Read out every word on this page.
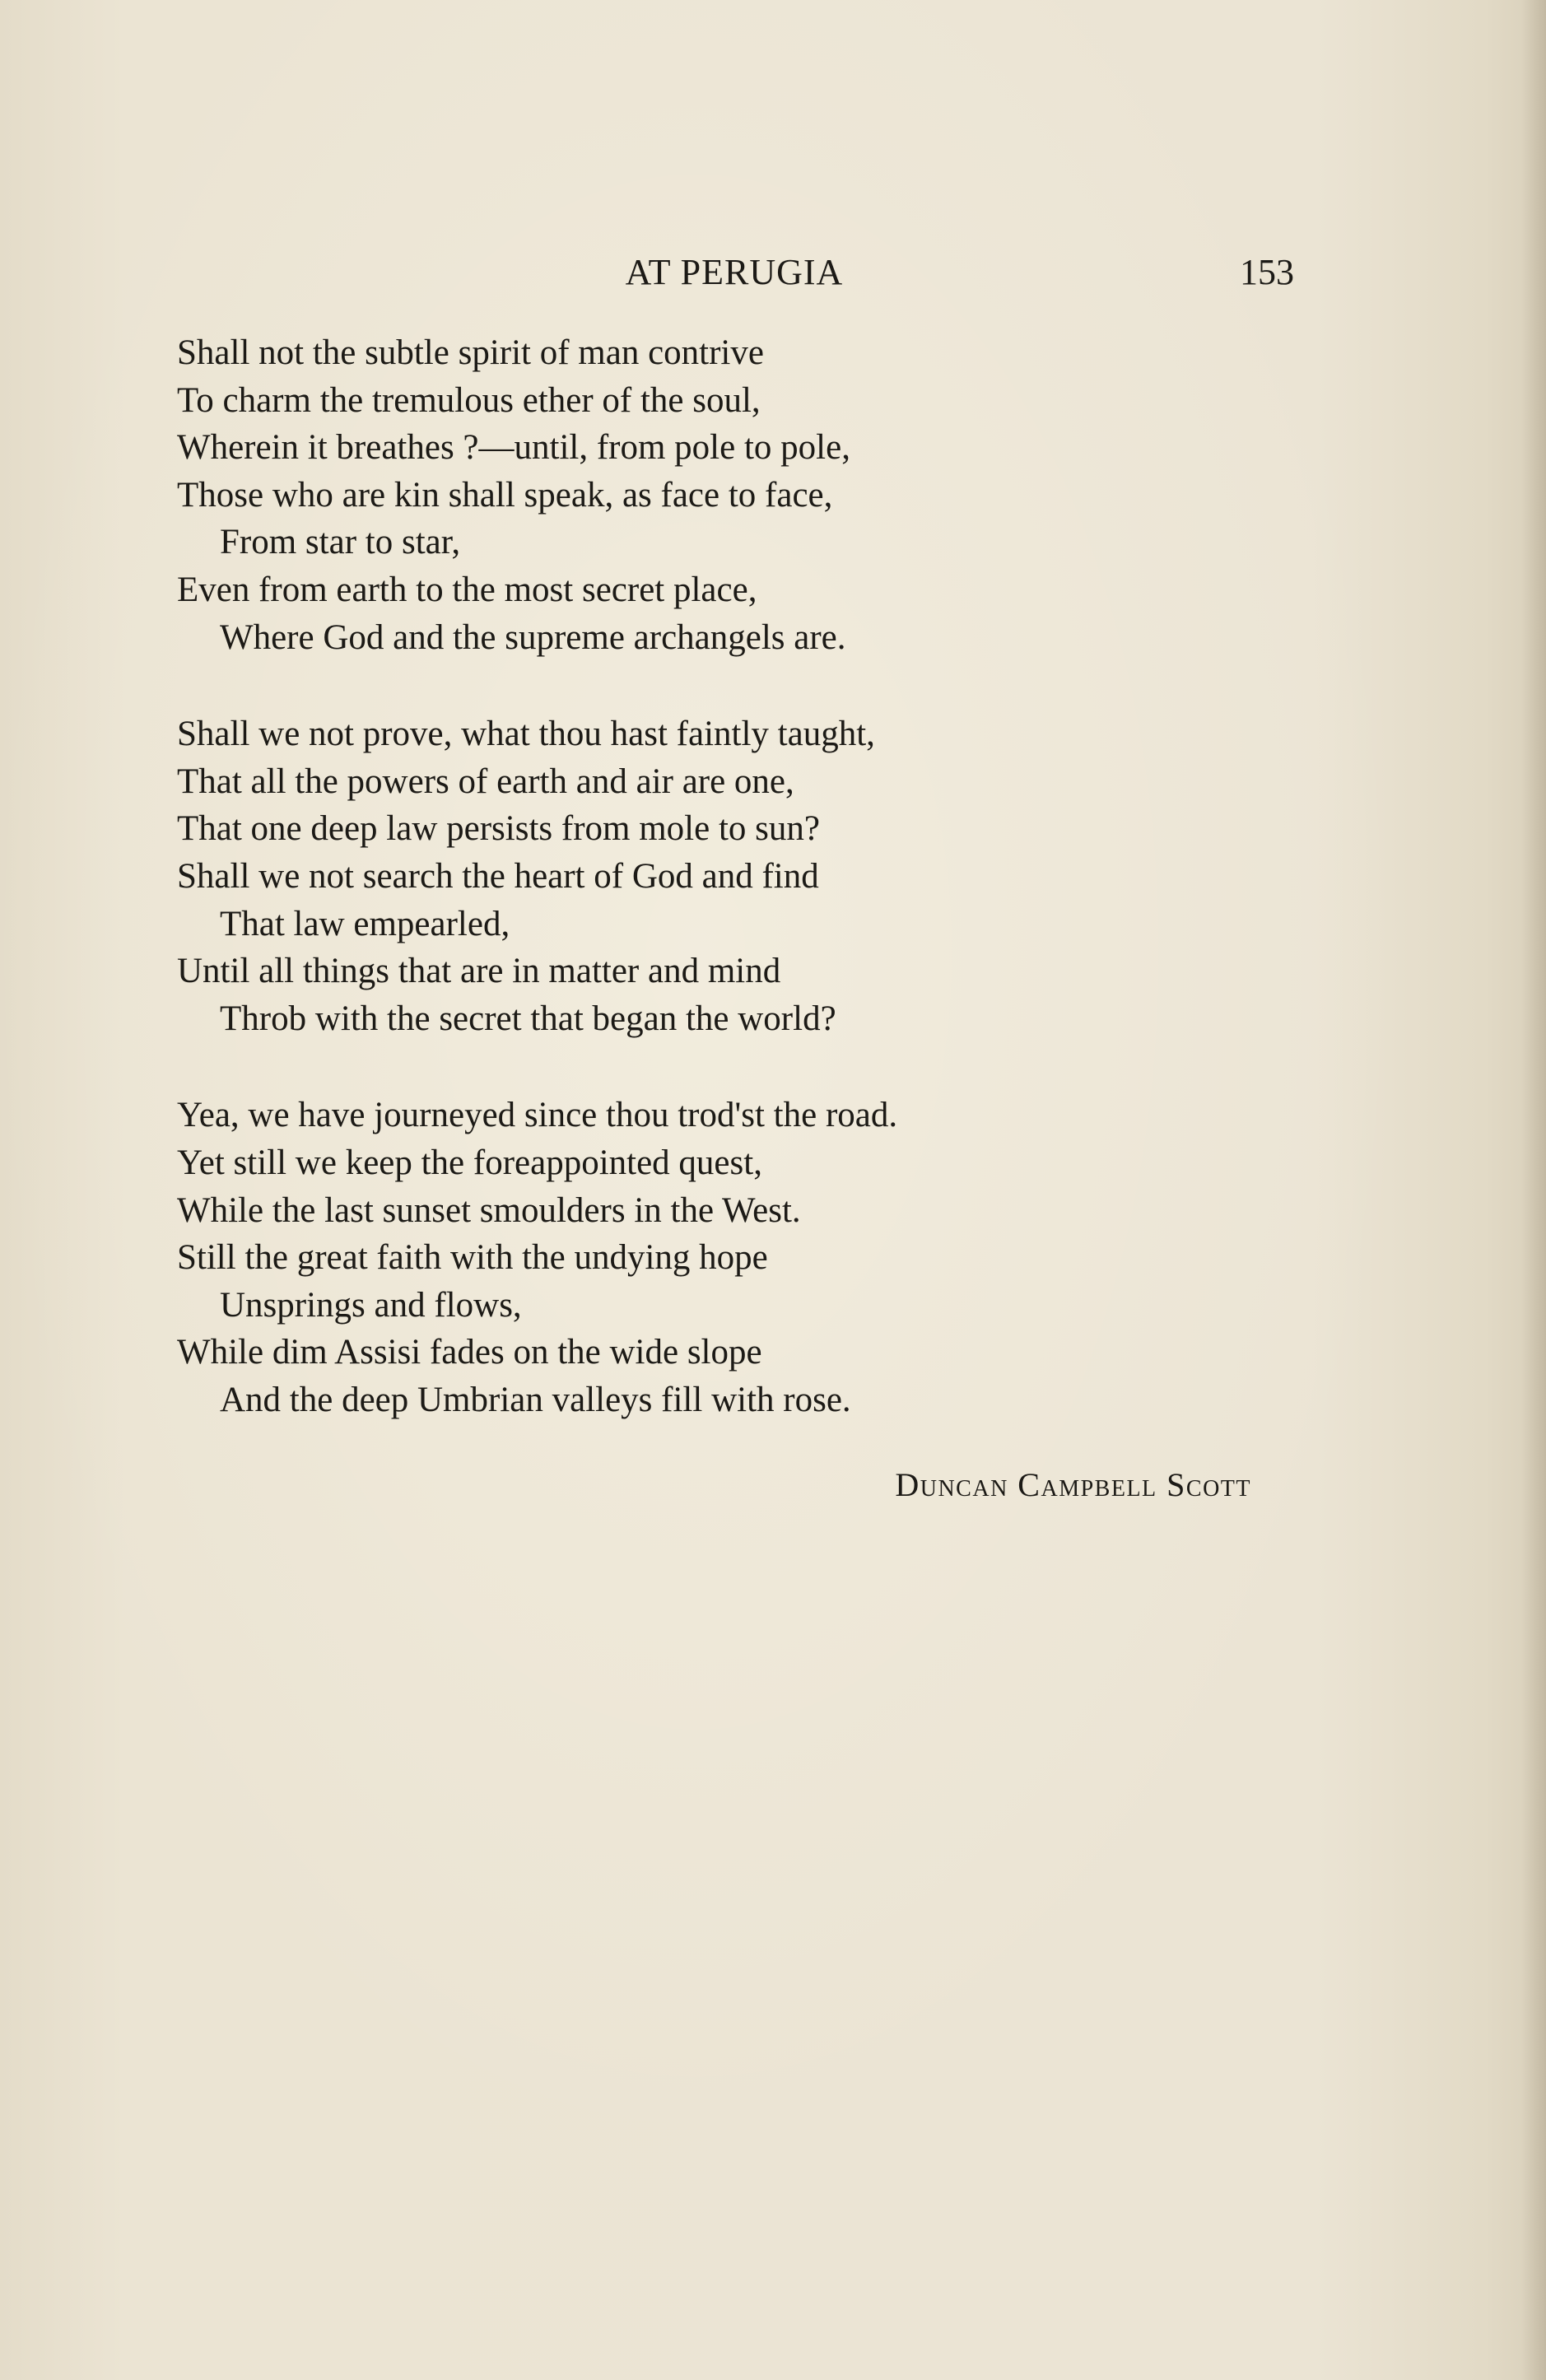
AT PERUGIA	153
Shall not the subtle spirit of man contrive
To charm the tremulous ether of the soul,
Wherein it breathes ?—until, from pole to pole,
Those who are kin shall speak, as face to face,
From star to star,
Even from earth to the most secret place,
Where God and the supreme archangels are.
Shall we not prove, what thou hast faintly taught,
That all the powers of earth and air are one,
That one deep law persists from mole to sun?
Shall we not search the heart of God and find
That law empearled,
Until all things that are in matter and mind
Throb with the secret that began the world?
Yea, we have journeyed since thou trod'st the road.
Yet still we keep the foreappointed quest,
While the last sunset smoulders in the West.
Still the great faith with the undying hope
Unsprings and flows,
While dim Assisi fades on the wide slope
And the deep Umbrian valleys fill with rose.
Duncan Campbell Scott
